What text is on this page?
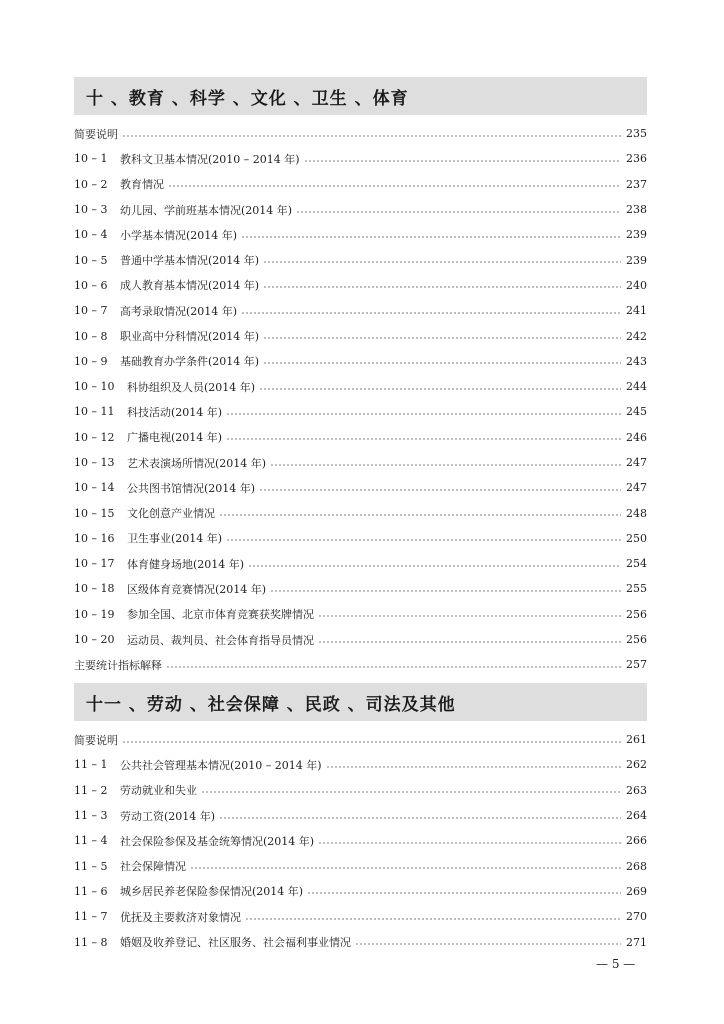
十 、教育 、科学 、文化 、卫生 、体育
简要说明	235
10 – 1	教科文卫基本情况(2010 – 2014 年)	236
10 – 2	教育情况	237
10 – 3	幼儿园、学前班基本情况(2014 年)	238
10 – 4	小学基本情况(2014 年)	239
10 – 5	普通中学基本情况(2014 年)	239
10 – 6	成人教育基本情况(2014 年)	240
10 – 7	高考录取情况(2014 年)	241
10 – 8	职业高中分科情况(2014 年)	242
10 – 9	基础教育办学条件(2014 年)	243
10 – 10	科协组织及人员(2014 年)	244
10 – 11	科技活动(2014 年)	245
10 – 12	广播电视(2014 年)	246
10 – 13	艺术表演场所情况(2014 年)	247
10 – 14	公共图书馆情况(2014 年)	247
10 – 15	文化创意产业情况	248
10 – 16	卫生事业(2014 年)	250
10 – 17	体育健身场地(2014 年)	254
10 – 18	区级体育竞赛情况(2014 年)	255
10 – 19	参加全国、北京市体育竞赛获奖牌情况	256
10 – 20	运动员、裁判员、社会体育指导员情况	256
主要统计指标解释	257
十一 、劳动 、社会保障 、民政 、司法及其他
简要说明	261
11 – 1	公共社会管理基本情况(2010 – 2014 年)	262
11 – 2	劳动就业和失业	263
11 – 3	劳动工资(2014 年)	264
11 – 4	社会保险参保及基金统筹情况(2014 年)	266
11 – 5	社会保障情况	268
11 – 6	城乡居民养老保险参保情况(2014 年)	269
11 – 7	优抚及主要救济对象情况	270
11 – 8	婚姻及收养登记、社区服务、社会福利事业情况	271
— 5 —
